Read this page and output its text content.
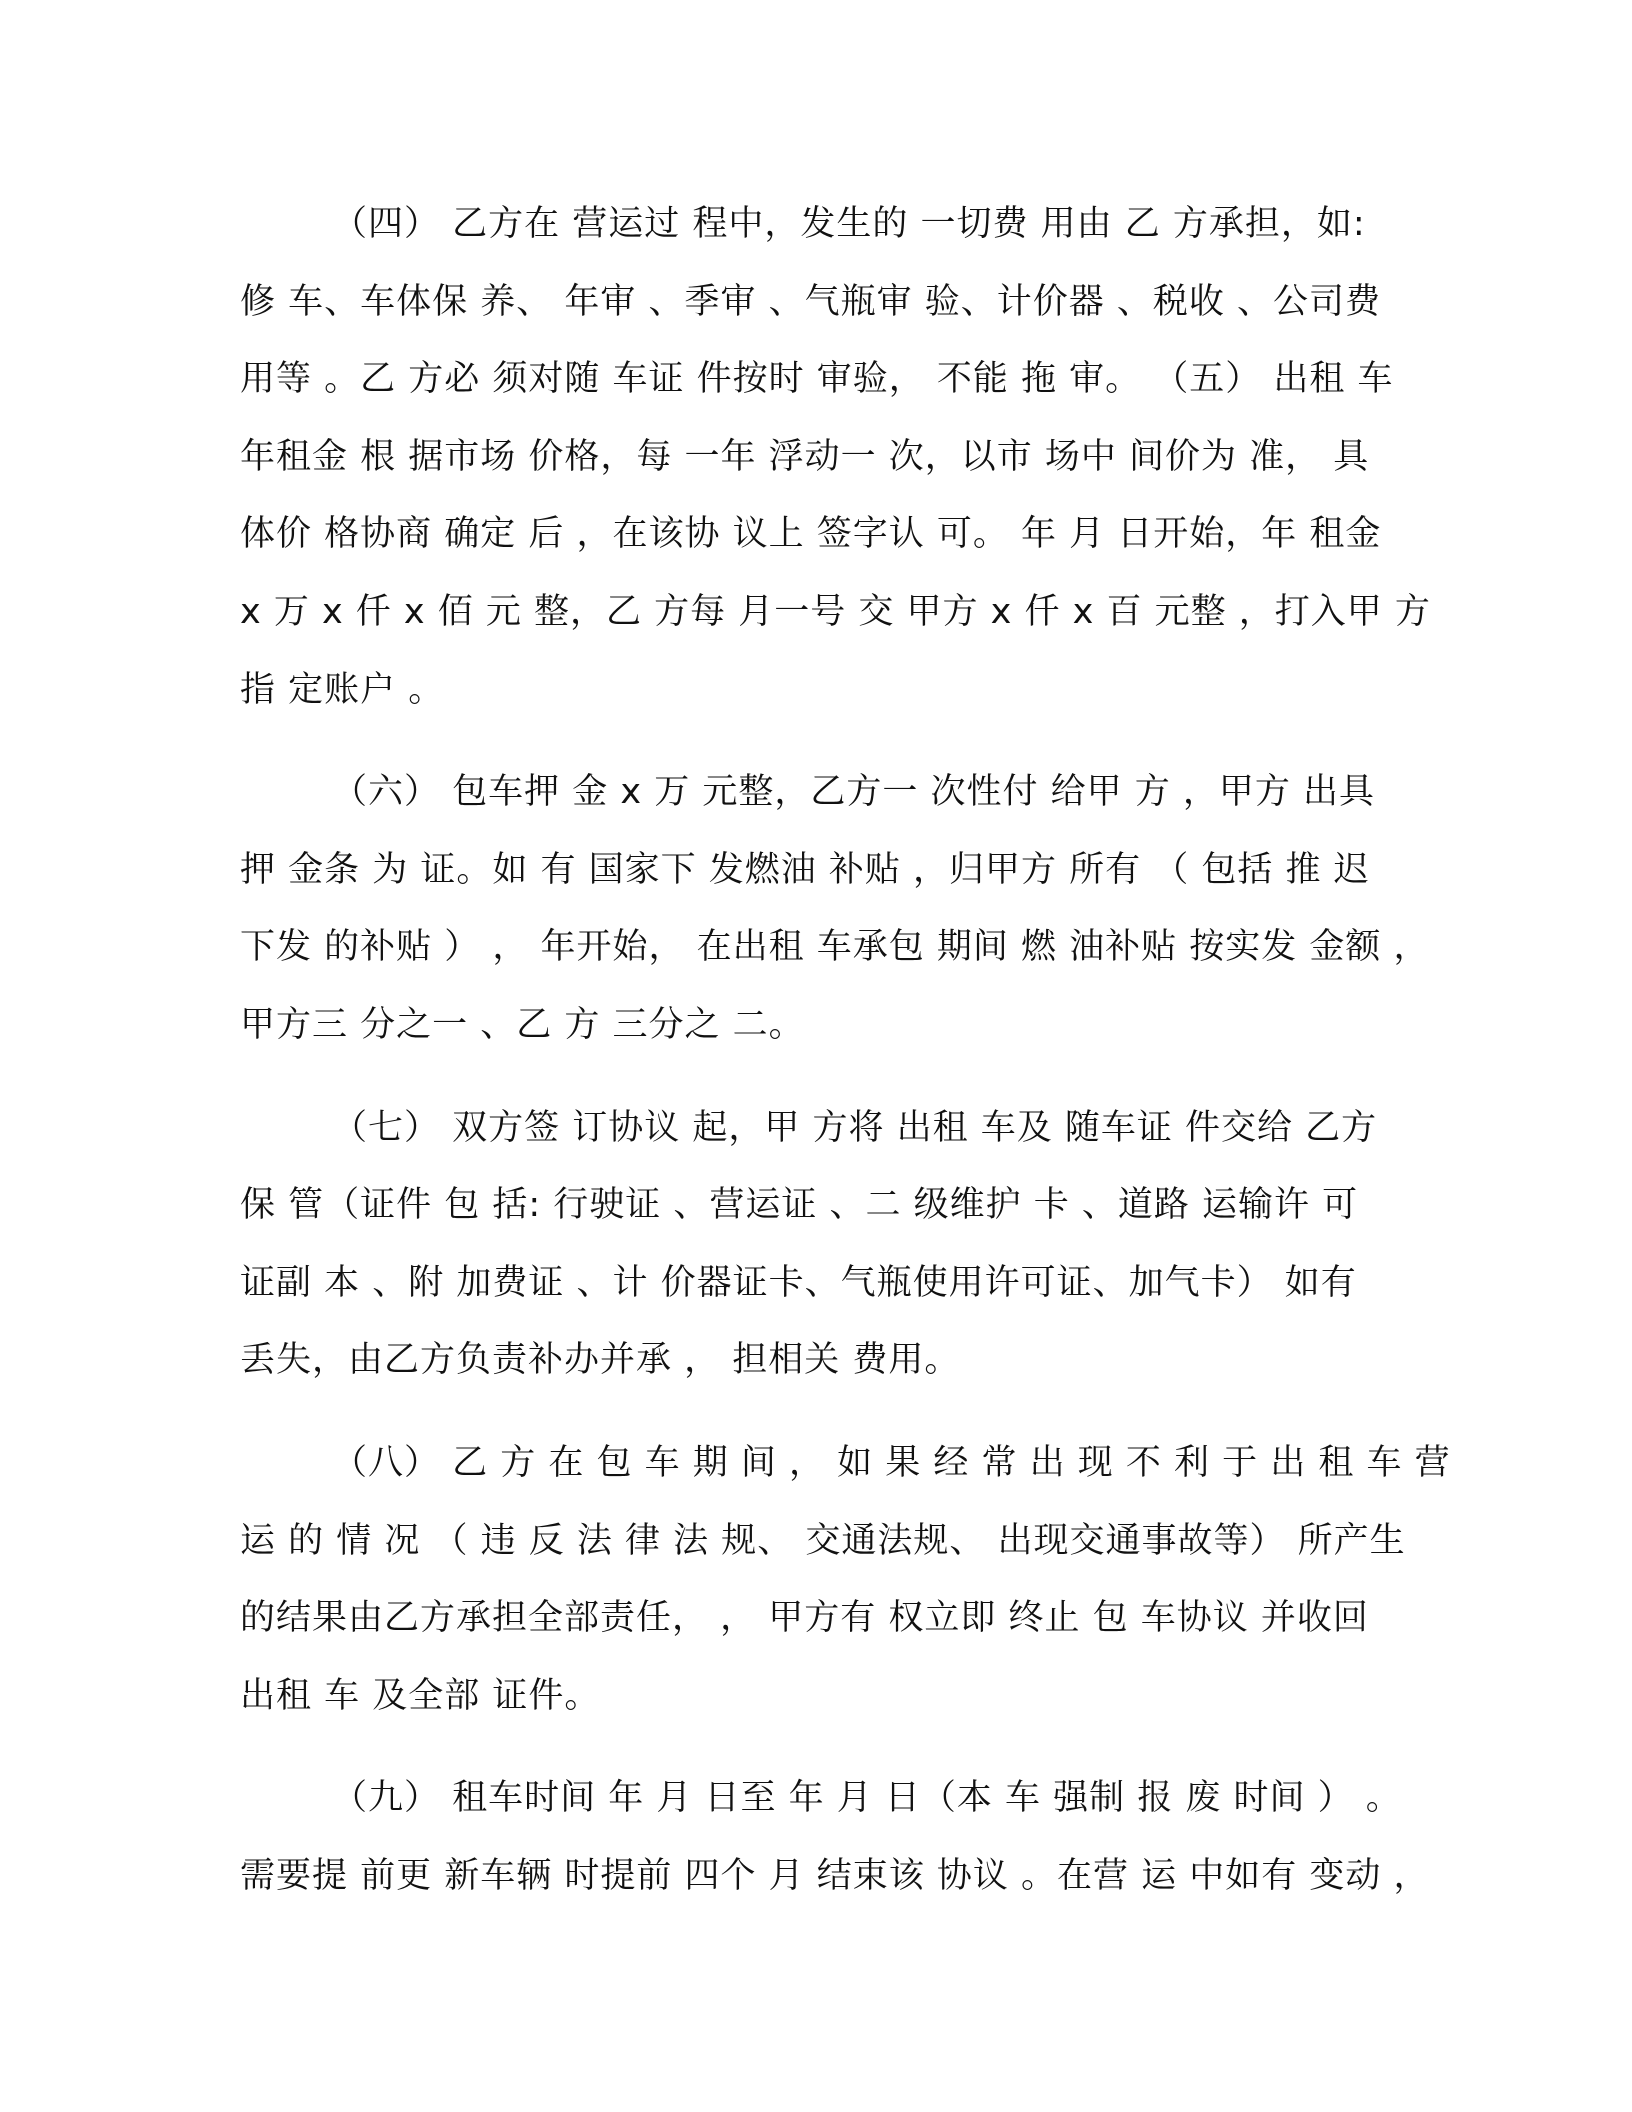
（四） 乙方在 营运过 程中，发生的 一切费 用由 乙 方承担，如:
修 车、车体保 养、 年审 、季审 、气瓶审 验、计价器 、税收 、公司费
用等 。乙 方必 须对随 车证 件按时 审验， 不能 拖 审。 （五） 出租 车
年租金 根 据市场 价格，每 一年 浮动一 次，以市 场中 间价为 准， 具
体价 格协商 确定 后 ，在该协 议上 签字认 可。 年 月 日开始，年 租金
x 万 x 仟 x 佰 元 整，乙 方每 月一号 交 甲方 x 仟 x 百 元整 ，打入甲 方
指 定账户 。
（六） 包车押 金 x 万 元整，乙方一 次性付 给甲 方 ，甲方 出具
押 金条 为 证。如 有 国家下 发燃油 补贴 ，归甲方 所有 （ 包括 推 迟
下发 的补贴 ） ， 年开始， 在出租 车承包 期间 燃 油补贴 按实发 金额 ，
甲方三 分之一 、乙 方 三分之 二。
（七） 双方签 订协议 起，甲 方将 出租 车及 随车证 件交给 乙方
保 管（证件 包 括: 行驶证 、营运证 、二 级维护 卡 、道路 运输许 可
证副 本 、附 加费证 、计 价器证卡、气瓶使用许可证、加气卡） 如有
丢失，由乙方负责补办并承 ， 担相关 费用。
（八） 乙 方 在 包 车 期 间 ， 如 果 经 常 出 现 不 利 于 出 租 车 营
运 的 情 况 （ 违 反 法 律 法 规、 交通法规、 出现交通事故等） 所产生
的结果由乙方承担全部责任， ， 甲方有 权立即 终止 包 车协议 并收回
出租 车 及全部 证件。
（九） 租车时间 年 月 日至 年 月 日（本 车 强制 报 废 时间 ） 。
需要提 前更 新车辆 时提前 四个 月 结束该 协议 。在营 运 中如有 变动 ，
